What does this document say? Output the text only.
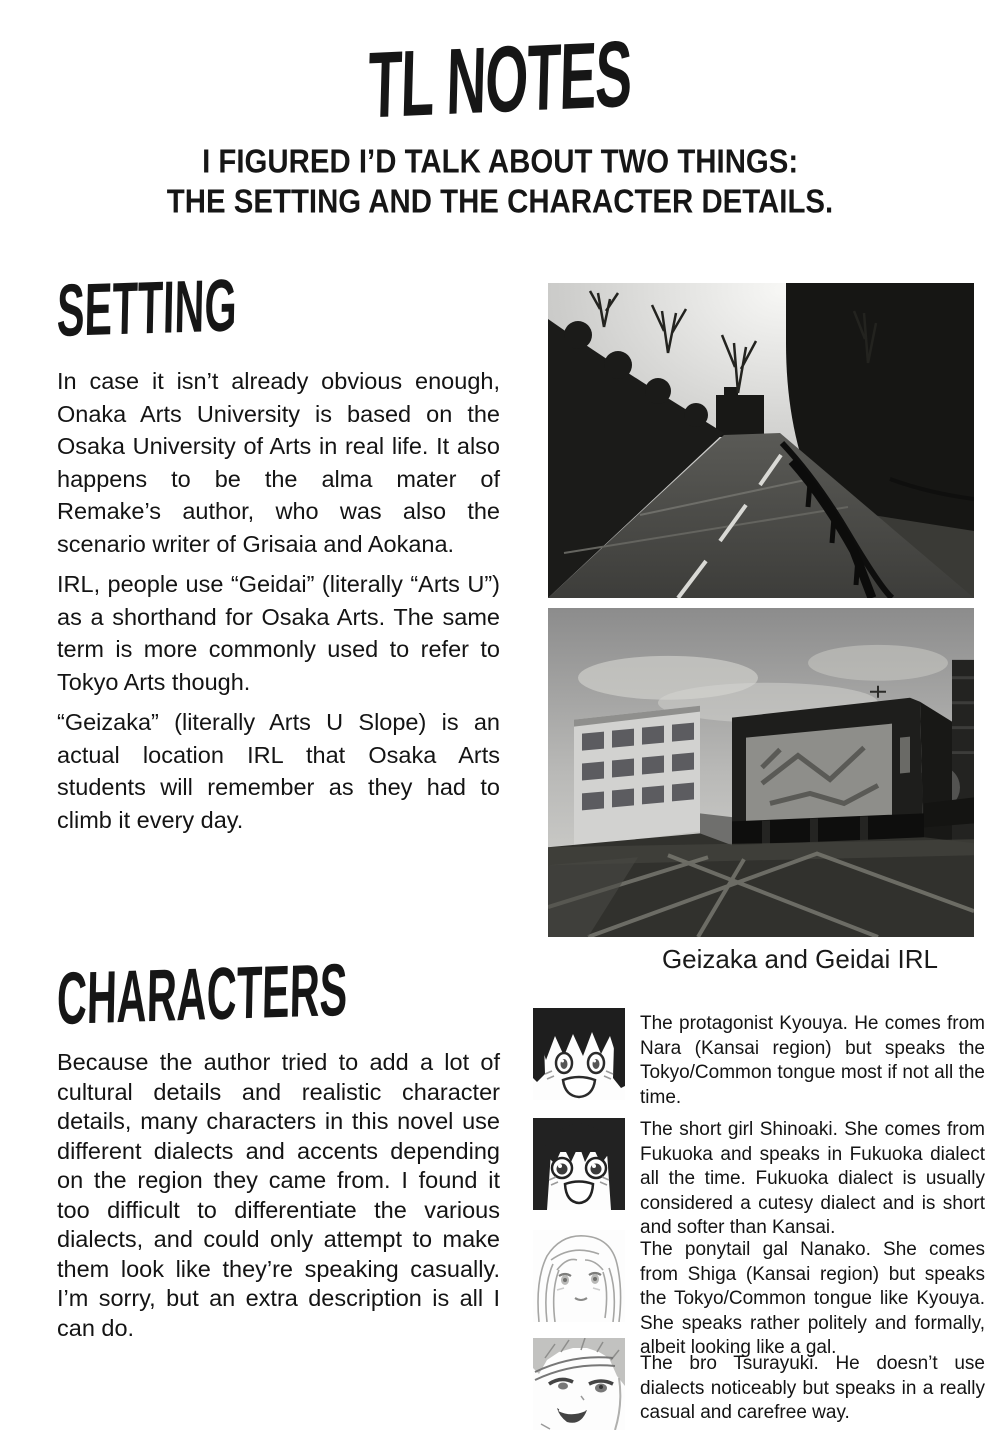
TL NOTES
I FIGURED I’D TALK ABOUT TWO THINGS:
THE SETTING AND THE CHARACTER DETAILS.
SETTING

In case it isn’t already obvious enough, Onaka Arts University is based on the Osaka University of Arts in real life. It also happens to be the alma mater of Remake’s author, who was also the scenario writer of Grisaia and Aokana.

IRL, people use “Geidai” (literally “Arts U”) as a shorthand for Osaka Arts. The same term is more commonly used to refer to Tokyo Arts though.

“Geizaka” (literally Arts U Slope) is an actual location IRL that Osaka Arts students will remember as they had to climb it every day.

Geizaka and Geidai IRL
CHARACTERS

Because the author tried to add a lot of cultural details and realistic character details, many characters in this novel use different dialects and accents depending on the region they came from. I found it too difficult to differentiate the various dialects, and could only attempt to make them look like they’re speaking casually. I’m sorry, but an extra description is all I can do.

The protagonist Kyouya. He comes from Nara (Kansai region) but speaks the Tokyo/Common tongue most if not all the time.
The short girl Shinoaki. She comes from Fukuoka and speaks in Fukuoka dialect all the time. Fukuoka dialect is usually considered a cutesy dialect and is short and softer than Kansai.
The ponytail gal Nanako. She comes from Shiga (Kansai region) but speaks the Tokyo/Common tongue like Kyouya. She speaks rather politely and formally, albeit looking like a gal.
The bro Tsurayuki. He doesn’t use dialects noticeably but speaks in a really casual and carefree way.
